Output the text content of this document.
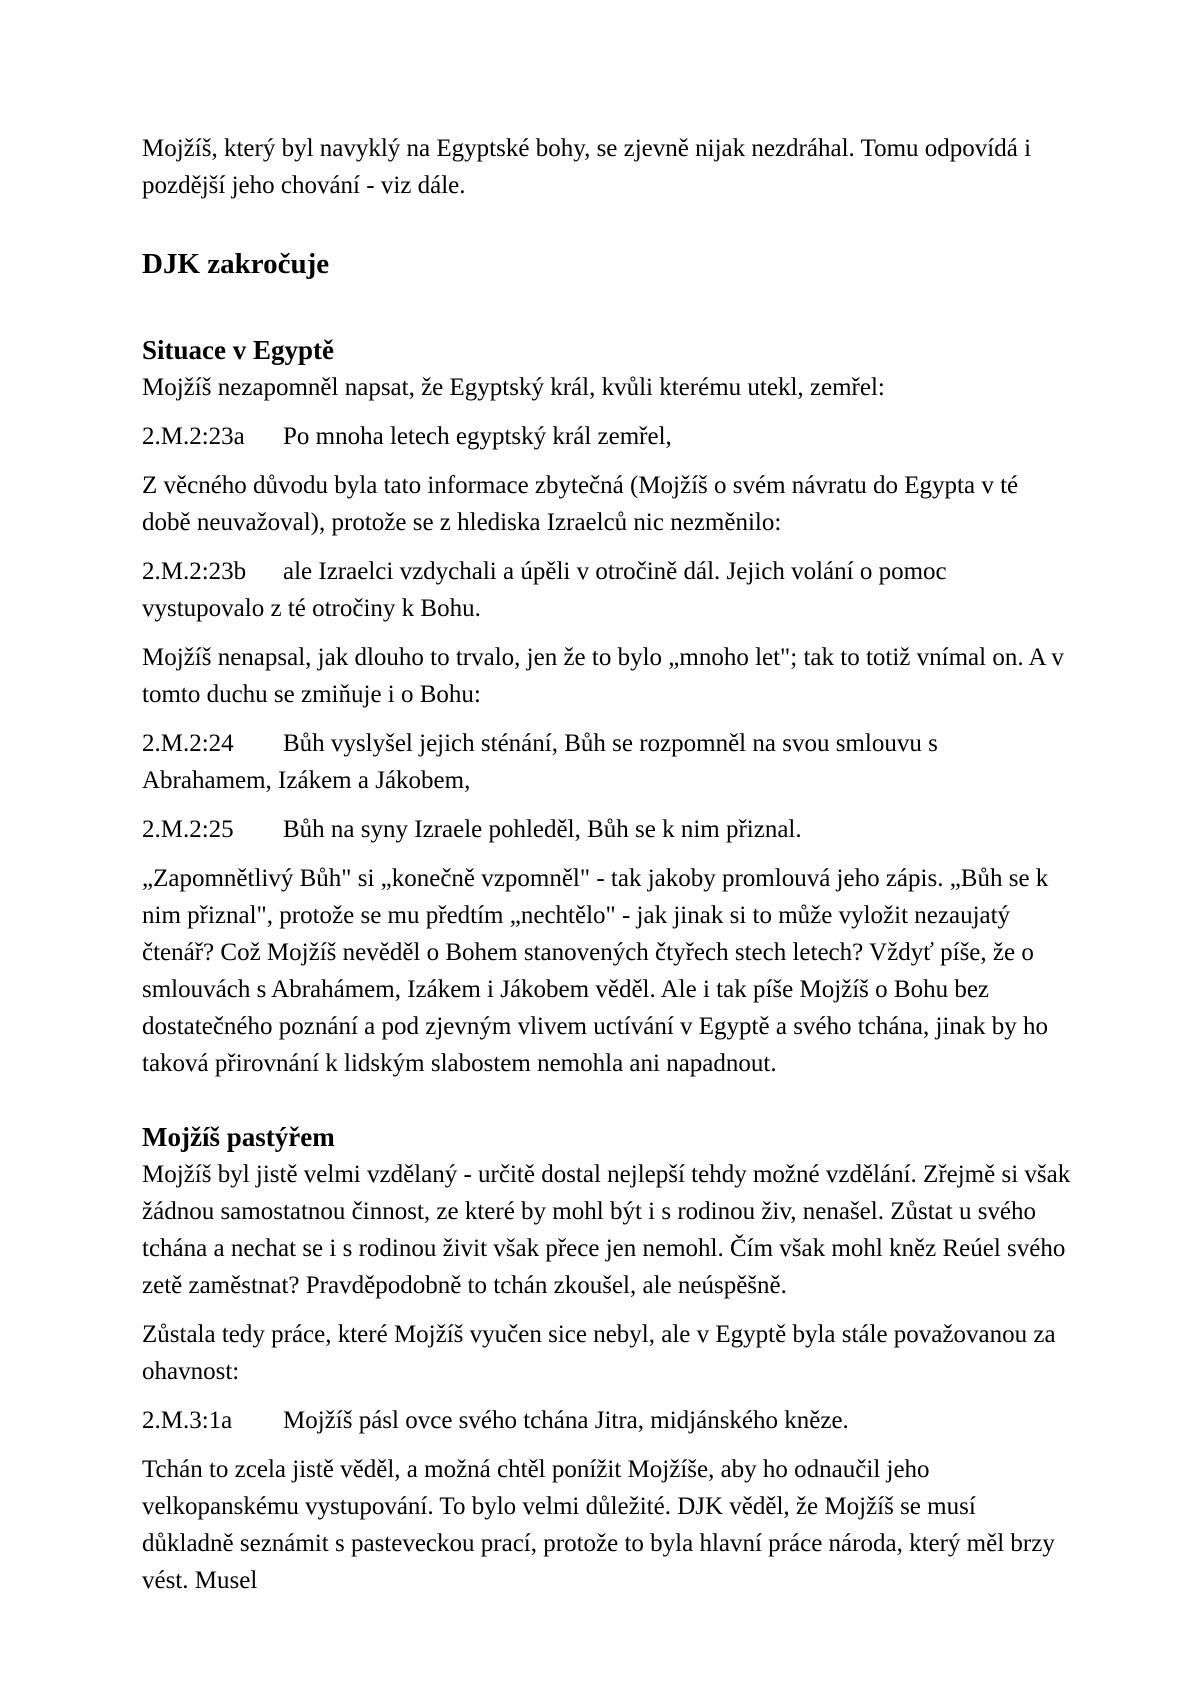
Mojžíš, který byl navyklý na Egyptské bohy, se zjevně nijak nezdráhal. Tomu odpovídá i pozdější jeho chování - viz dále.

DJK zakročuje
Situace v Egyptě

Mojžíš nezapomněl napsat, že Egyptský král, kvůli kterému utekl, zemřel:

2.M.2:23a Po mnoha letech egyptský král zemřel,

Z věcného důvodu byla tato informace zbytečná (Mojžíš o svém návratu do Egypta v té době neuvažoval), protože se z hlediska Izraelců nic nezměnilo:

2.M.2:23b ale Izraelci vzdychali a úpěli v otročině dál. Jejich volání o pomoc vystupovalo z té otročiny k Bohu.

Mojžíš nenapsal, jak dlouho to trvalo, jen že to bylo „mnoho let"; tak to totiž vnímal on. A v tomto duchu se zmiňuje i o Bohu:

2.M.2:24 Bůh vyslyšel jejich sténání, Bůh se rozpomněl na svou smlouvu s Abrahamem, Izákem a Jákobem,

2.M.2:25 Bůh na syny Izraele pohleděl, Bůh se k nim přiznal.

„Zapomnětlivý Bůh" si „konečně vzpomněl" - tak jakoby promlouvá jeho zápis. „Bůh se k nim přiznal", protože se mu předtím „nechtělo" - jak jinak si to může vyložit nezaujatý čtenář? Což Mojžíš nevěděl o Bohem stanovených čtyřech stech letech? Vždyť píše, že o smlouvách s Abrahámem, Izákem i Jákobem věděl. Ale i tak píše Mojžíš o Bohu bez dostatečného poznání a pod zjevným vlivem uctívání v Egyptě a svého tchána, jinak by ho taková přirovnání k lidským slabostem nemohla ani napadnout.

Mojžíš pastýřem

Mojžíš byl jistě velmi vzdělaný - určitě dostal nejlepší tehdy možné vzdělání. Zřejmě si však žádnou samostatnou činnost, ze které by mohl být i s rodinou živ, nenašel. Zůstat u svého tchána a nechat se i s rodinou živit však přece jen nemohl. Čím však mohl kněz Reúel svého zetě zaměstnat? Pravděpodobně to tchán zkoušel, ale neúspěšně.

Zůstala tedy práce, které Mojžíš vyučen sice nebyl, ale v Egyptě byla stále považovanou za ohavnost:

2.M.3:1a Mojžíš pásl ovce svého tchána Jitra, midjánského kněze.

Tchán to zcela jistě věděl, a možná chtěl ponížit Mojžíše, aby ho odnaučil jeho velkopanskému vystupování. To bylo velmi důležité. DJK věděl, že Mojžíš se musí důkladně seznámit s pasteveckou prací, protože to byla hlavní práce národa, který měl brzy vést. Musel
